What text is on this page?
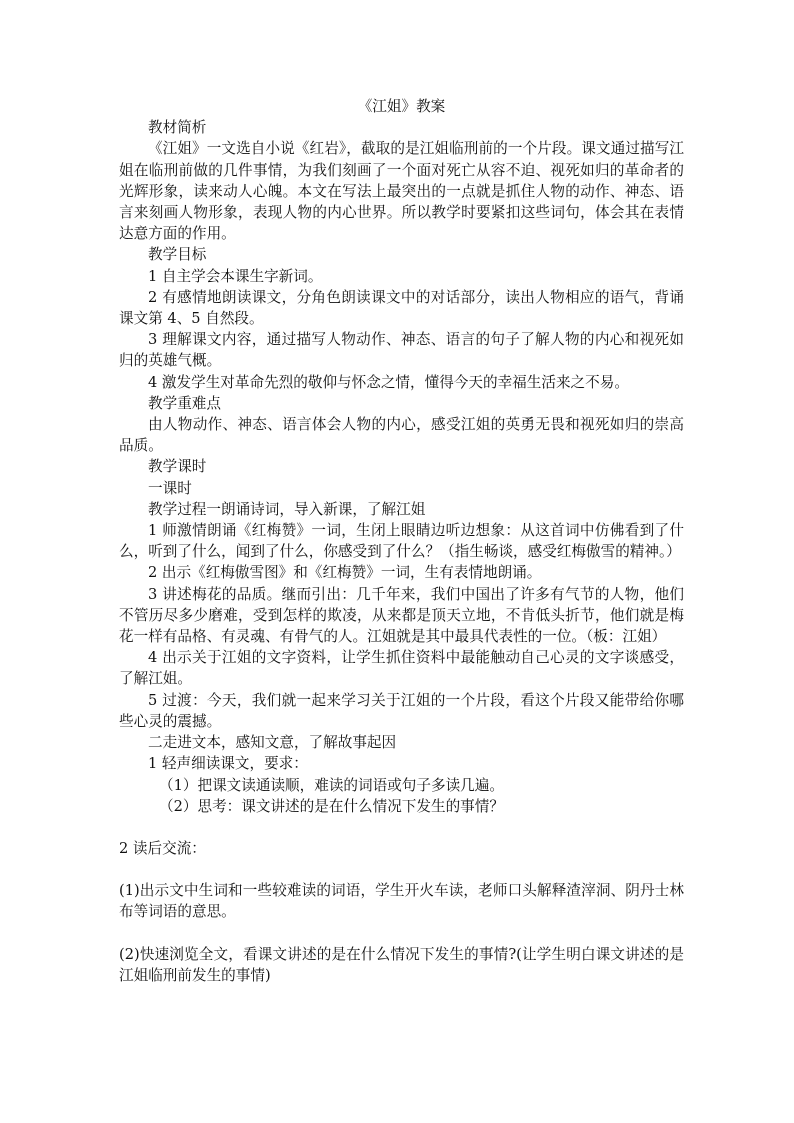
《江姐》教案
教材简析
《江姐》一文选自小说《红岩》，截取的是江姐临刑前的一个片段。课文通过描写江姐在临刑前做的几件事情，为我们刻画了一个面对死亡从容不迫、视死如归的革命者的光辉形象，读来动人心魄。本文在写法上最突出的一点就是抓住人物的动作、神态、语言来刻画人物形象，表现人物的内心世界。所以教学时要紧扣这些词句，体会其在表情达意方面的作用。
教学目标
1 自主学会本课生字新词。
2 有感情地朗读课文，分角色朗读课文中的对话部分，读出人物相应的语气，背诵课文第 4、5 自然段。
3 理解课文内容，通过描写人物动作、神态、语言的句子了解人物的内心和视死如归的英雄气概。
4 激发学生对革命先烈的敬仰与怀念之情，懂得今天的幸福生活来之不易。
教学重难点
由人物动作、神态、语言体会人物的内心，感受江姐的英勇无畏和视死如归的崇高品质。
教学课时
一课时
教学过程一朗诵诗词，导入新课，了解江姐
1 师激情朗诵《红梅赞》一词，生闭上眼睛边听边想象：从这首词中仿佛看到了什么，听到了什么，闻到了什么，你感受到了什么？（指生畅谈，感受红梅傲雪的精神。）
2 出示《红梅傲雪图》和《红梅赞》一词，生有表情地朗诵。
3 讲述梅花的品质。继而引出：几千年来，我们中国出了许多有气节的人物，他们不管历尽多少磨难，受到怎样的欺凌，从来都是顶天立地，不肯低头折节，他们就是梅花一样有品格、有灵魂、有骨气的人。江姐就是其中最具代表性的一位。（板：江姐）
4 出示关于江姐的文字资料，让学生抓住资料中最能触动自己心灵的文字谈感受，了解江姐。
5 过渡：今天，我们就一起来学习关于江姐的一个片段，看这个片段又能带给你哪些心灵的震撼。
二走进文本，感知文意，了解故事起因
1 轻声细读课文，要求：
（1）把课文读通读顺，难读的词语或句子多读几遍。
（2）思考：课文讲述的是在什么情况下发生的事情？
2 读后交流：
(1)出示文中生词和一些较难读的词语，学生开火车读，老师口头解释渣滓洞、阴丹士林布等词语的意思。
(2)快速浏览全文，看课文讲述的是在什么情况下发生的事情?(让学生明白课文讲述的是江姐临刑前发生的事情)
